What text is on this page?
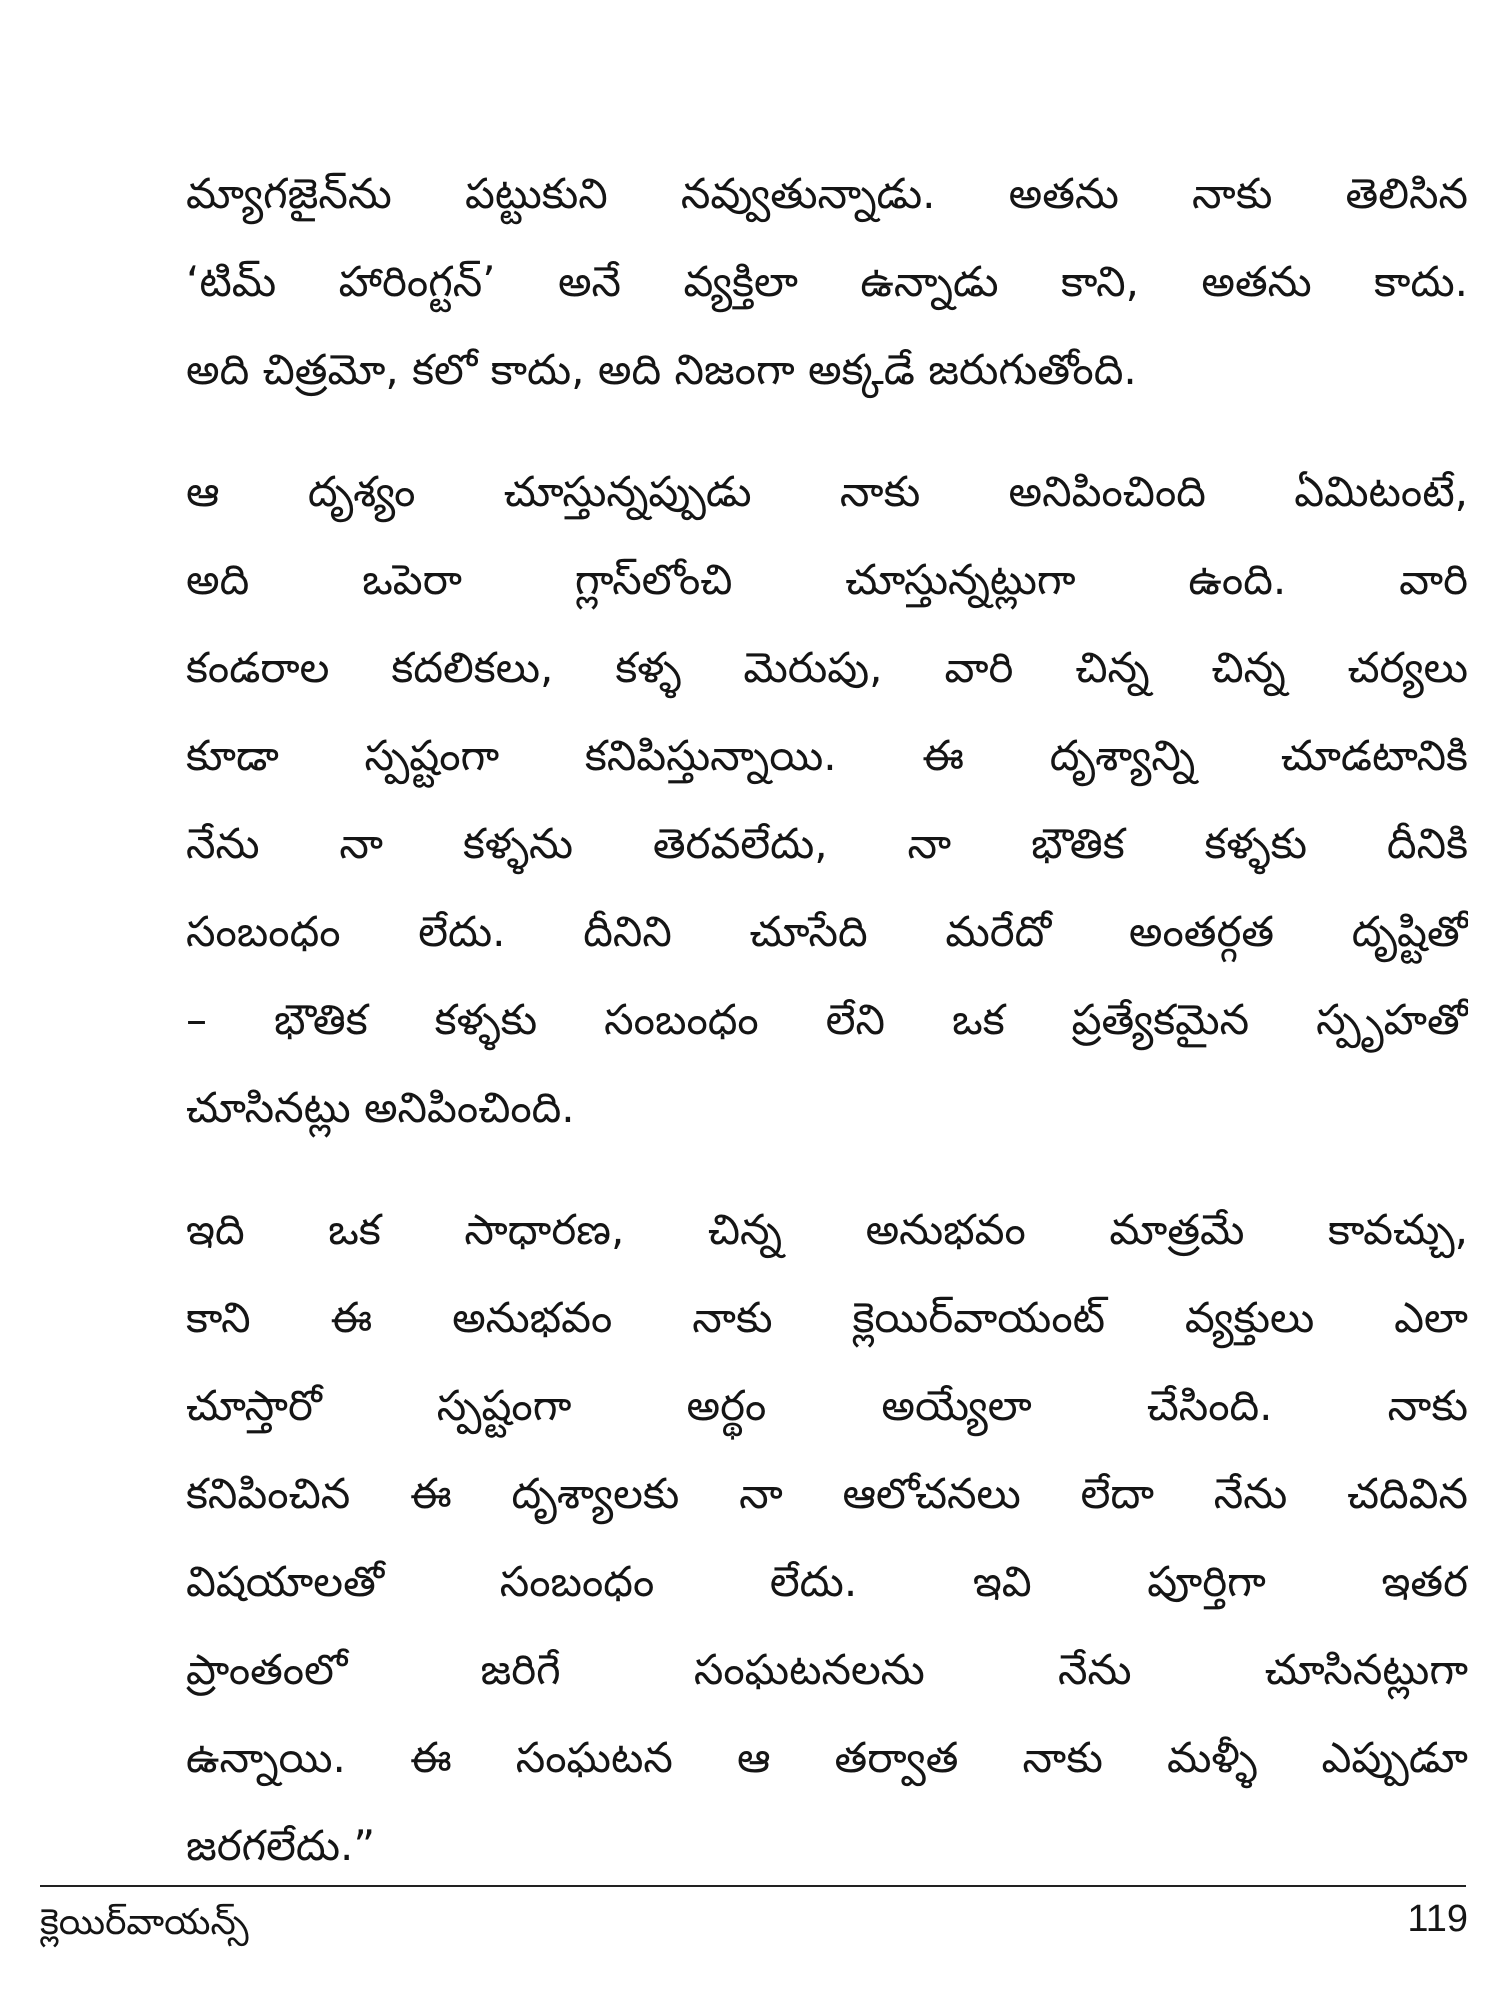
మ్యాగజైన్‌ను పట్టుకుని నవ్వుతున్నాడు. అతను నాకు తెలిసిన
‘టిమ్ హారింగ్టన్’ అనే వ్యక్తిలా ఉన్నాడు కాని, అతను కాదు.
అది చిత్రమో, కలో కాదు, అది నిజంగా అక్కడే జరుగుతోంది.
ఆ దృశ్యం చూస్తున్నప్పుడు నాకు అనిపించింది ఏమిటంటే,
అది ఒపెరా గ్లాస్‌లోంచి చూస్తున్నట్లుగా ఉంది. వారి
కండరాల కదలికలు, కళ్ళ మెరుపు, వారి చిన్న చిన్న చర్యలు
కూడా స్పష్టంగా కనిపిస్తున్నాయి. ఈ దృశ్యాన్ని చూడటానికి
నేను నా కళ్ళను తెరవలేదు, నా భౌతిక కళ్ళకు దీనికి
సంబంధం లేదు. దీనిని చూసేది మరేదో అంతర్గత దృష్టితో
– భౌతిక కళ్ళకు సంబంధం లేని ఒక ప్రత్యేకమైన స్పృహతో
చూసినట్లు అనిపించింది.
ఇది ఒక సాధారణ, చిన్న అనుభవం మాత్రమే కావచ్చు,
కాని ఈ అనుభవం నాకు క్లెయిర్‌వాయంట్ వ్యక్తులు ఎలా
చూస్తారో స్పష్టంగా అర్థం అయ్యేలా చేసింది. నాకు
కనిపించిన ఈ దృశ్యాలకు నా ఆలోచనలు లేదా నేను చదివిన
విషయాలతో సంబంధం లేదు. ఇవి పూర్తిగా ఇతర
ప్రాంతంలో జరిగే సంఘటనలను నేను చూసినట్లుగా
ఉన్నాయి. ఈ సంఘటన ఆ తర్వాత నాకు మళ్ళీ ఎప్పుడూ
జరగలేదు.”
క్లెయిర్‌వాయన్స్	119
